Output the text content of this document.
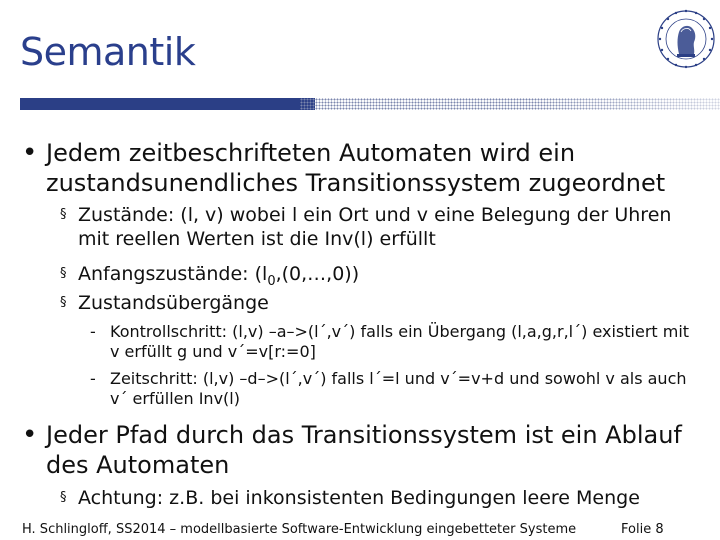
Semantik
• Jedem zeitbeschrifteten Automaten wird ein zustandsunendliches Transitionssystem zugeordnet
§ Zustände: (l, v) wobei l ein Ort und v eine Belegung der Uhren mit reellen Werten ist die Inv(l) erfüllt
§ Anfangszustände: $(l_0,(0,\dots,0))$
§ Zustandsübergänge
- Kontrollschritt: (l,v) –a–>(l´,v´) falls ein Übergang (l,a,g,r,l´) existiert mit v erfüllt g und v´=v[r:=0]
- Zeitschritt: (l,v) –d–>(l´,v´) falls l´=l und v´=v+d und sowohl v als auch v´ erfüllen Inv(l)
• Jeder Pfad durch das Transitionssystem ist ein Ablauf des Automaten
§ Achtung: z.B. bei inkonsistenten Bedingungen leere Menge
H. Schlingloff, SS2014 – modellbasierte Software-Entwicklung eingebetteter Systeme	Folie 8
